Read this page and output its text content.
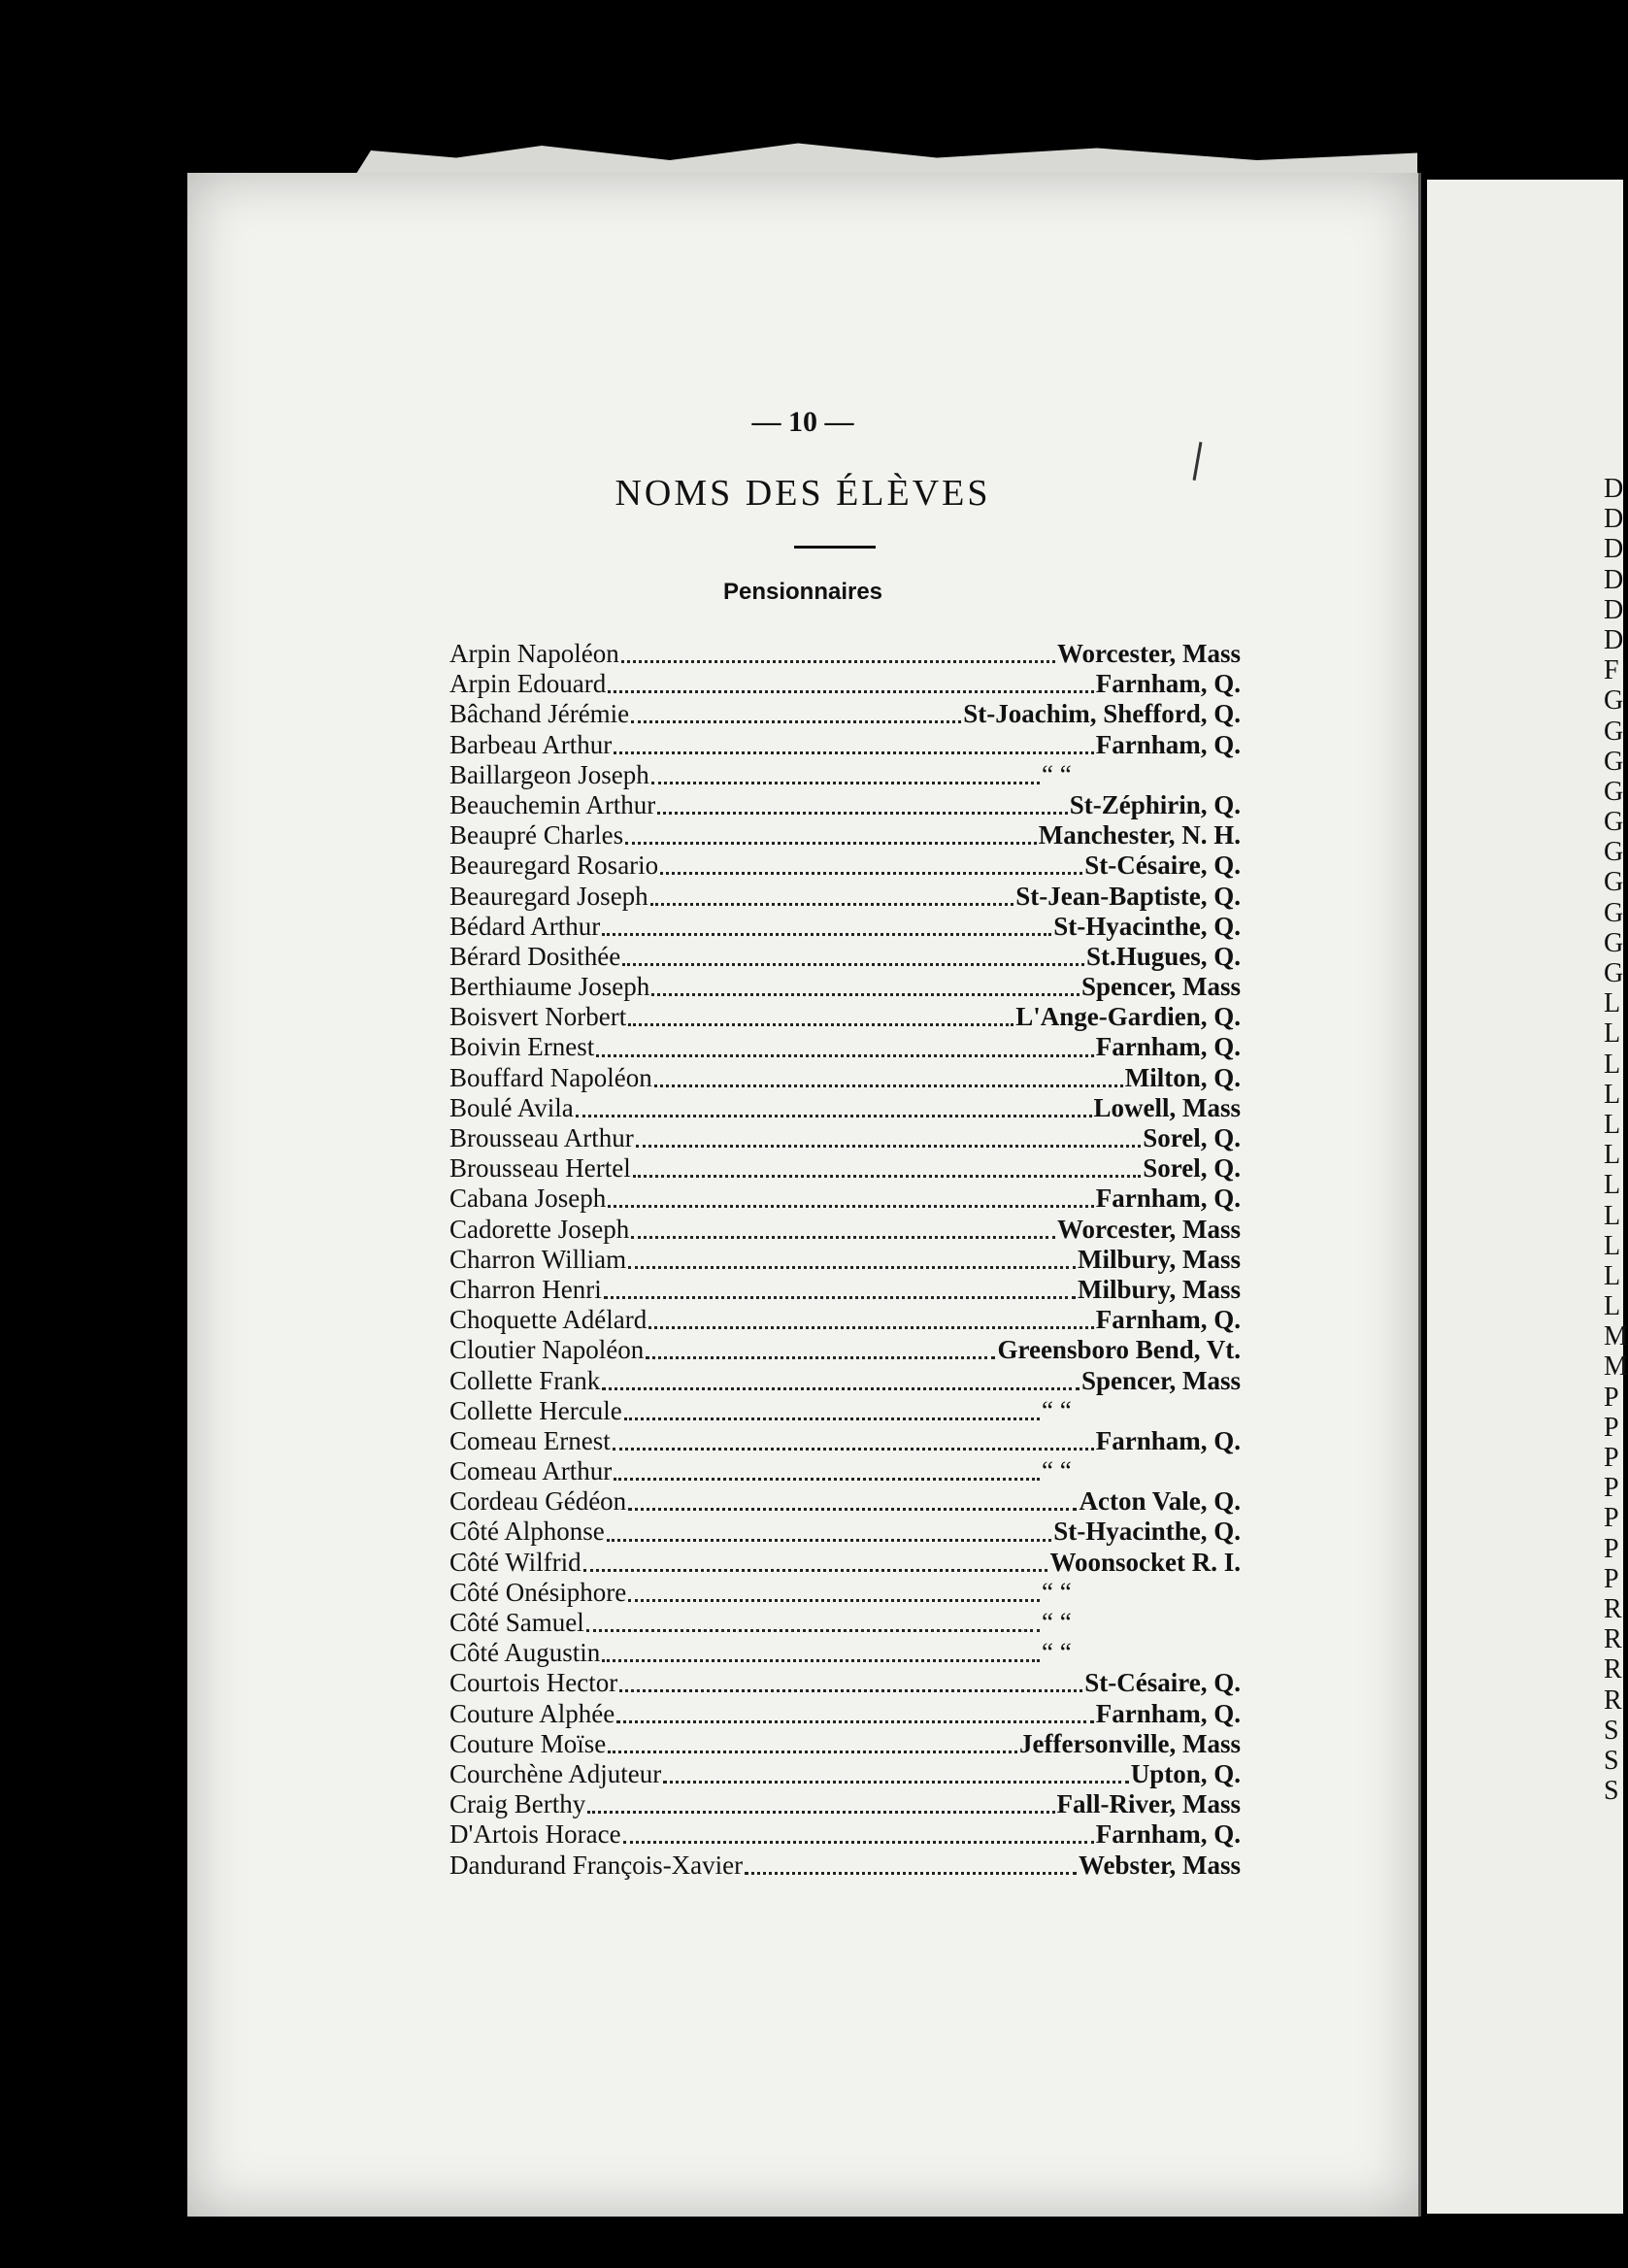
— 10 —
NOMS DES ÉLÈVES
Pensionnaires
Arpin Napoléon	Worcester, Mass
Arpin Edouard	Farnham, Q.
Bâchand Jérémie	St-Joachim, Shefford, Q.
Barbeau Arthur	Farnham, Q.
Baillargeon Joseph	“ “
Beauchemin Arthur	St-Zéphirin, Q.
Beaupré Charles	Manchester, N. H.
Beauregard Rosario	St-Césaire, Q.
Beauregard Joseph	St-Jean-Baptiste, Q.
Bédard Arthur	St-Hyacinthe, Q.
Bérard Dosithée	St.Hugues, Q.
Berthiaume Joseph	Spencer, Mass
Boisvert Norbert	L'Ange-Gardien, Q.
Boivin Ernest	Farnham, Q.
Bouffard Napoléon	Milton, Q.
Boulé Avila	Lowell, Mass
Brousseau Arthur	Sorel, Q.
Brousseau Hertel	Sorel, Q.
Cabana Joseph	Farnham, Q.
Cadorette Joseph	Worcester, Mass
Charron William	Milbury, Mass
Charron Henri	Milbury, Mass
Choquette Adélard	Farnham, Q.
Cloutier Napoléon	Greensboro Bend, Vt.
Collette Frank	Spencer, Mass
Collette Hercule	“ “
Comeau Ernest	Farnham, Q.
Comeau Arthur	“ “
Cordeau Gédéon	Acton Vale, Q.
Côté Alphonse	St-Hyacinthe, Q.
Côté Wilfrid	Woonsocket R. I.
Côté Onésiphore	“ “
Côté Samuel	“ “
Côté Augustin	“ “
Courtois Hector	St-Césaire, Q.
Couture Alphée	Farnham, Q.
Couture Moïse	Jeffersonville, Mass
Courchène Adjuteur	Upton, Q.
Craig Berthy	Fall-River, Mass
D'Artois Horace	Farnham, Q.
Dandurand François-Xavier	Webster, Mass
D
D
D
D
D
D
F
G
G
G
G
G
G
G
G
G
G
L
L
L
L
L
L
L
L
L
L
L
M
M
P
P
P
P
P
P
P
R
R
R
R
S
S
S
